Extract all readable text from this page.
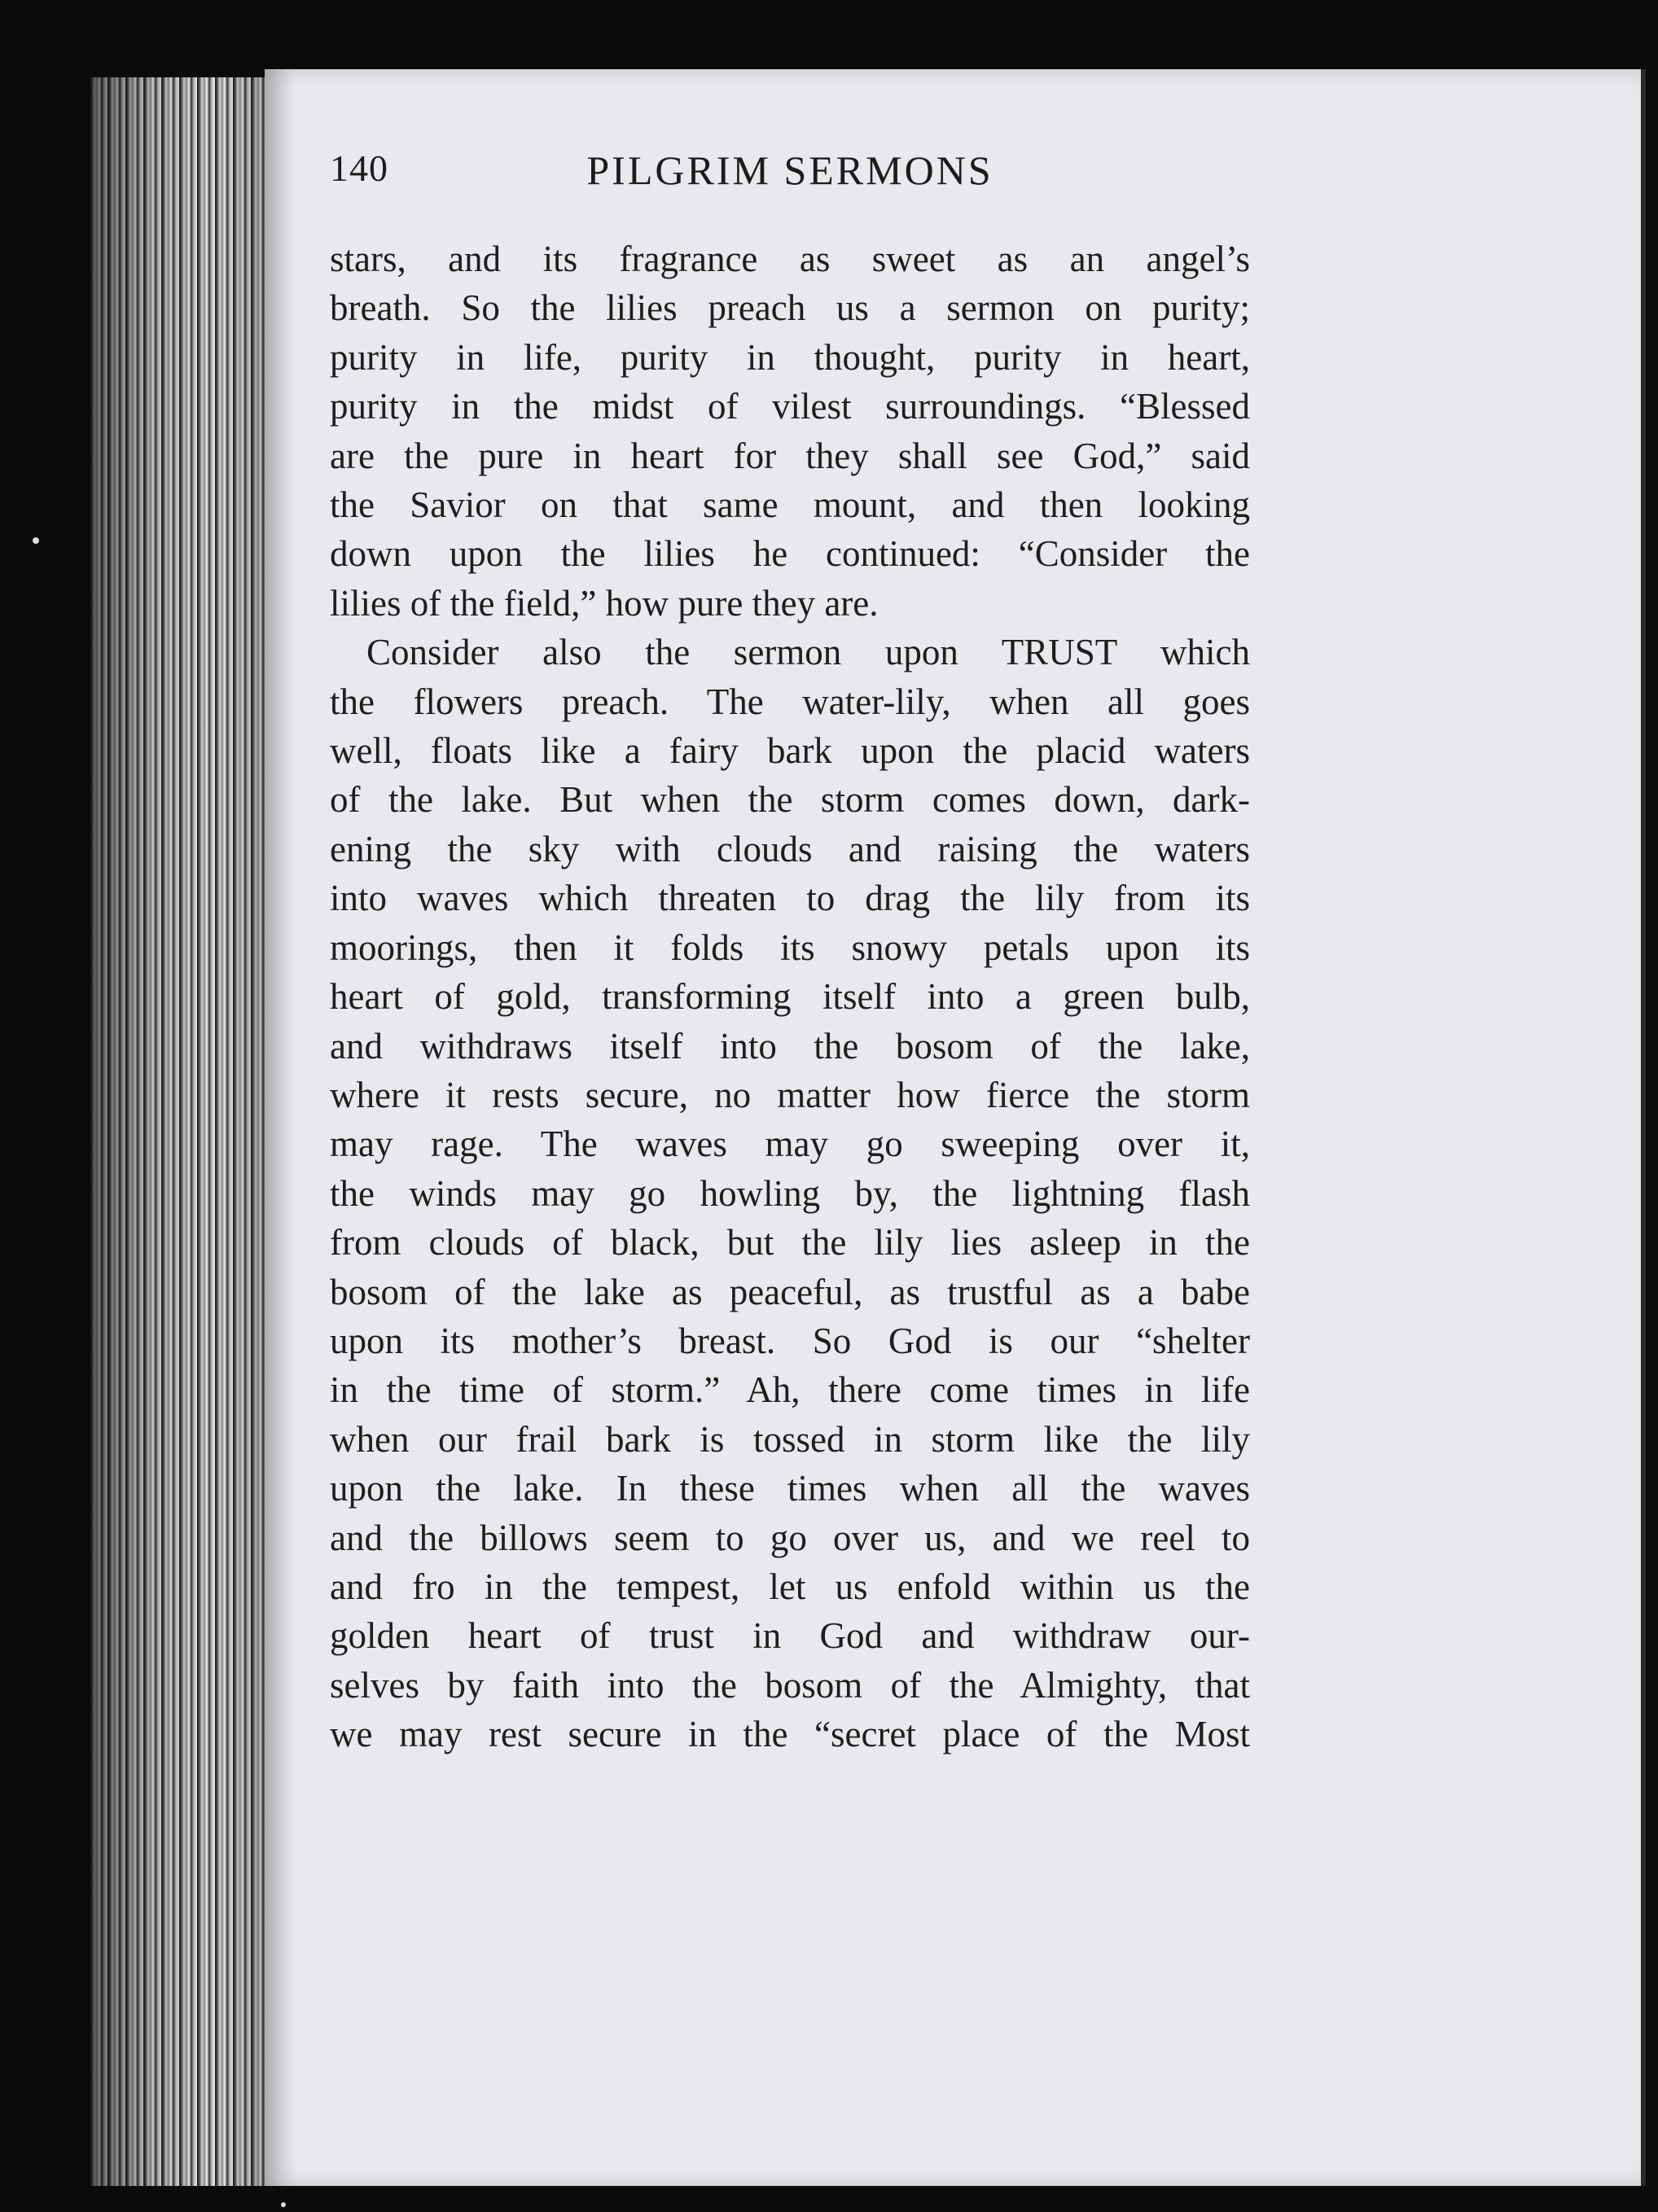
140	PILGRIM SERMONS

stars, and its fragrance as sweet as an angel’s
breath. So the lilies preach us a sermon on purity;
purity in life, purity in thought, purity in heart,
purity in the midst of vilest surroundings. “Blessed
are the pure in heart for they shall see God,” said
the Savior on that same mount, and then looking
down upon the lilies he continued: “Consider the
lilies of the field,” how pure they are.

Consider also the sermon upon TRUST which
the flowers preach. The water-lily, when all goes
well, floats like a fairy bark upon the placid waters
of the lake. But when the storm comes down, dark-
ening the sky with clouds and raising the waters
into waves which threaten to drag the lily from its
moorings, then it folds its snowy petals upon its
heart of gold, transforming itself into a green bulb,
and withdraws itself into the bosom of the lake,
where it rests secure, no matter how fierce the storm
may rage. The waves may go sweeping over it,
the winds may go howling by, the lightning flash
from clouds of black, but the lily lies asleep in the
bosom of the lake as peaceful, as trustful as a babe
upon its mother’s breast. So God is our “shelter
in the time of storm.” Ah, there come times in life
when our frail bark is tossed in storm like the lily
upon the lake. In these times when all the waves
and the billows seem to go over us, and we reel to
and fro in the tempest, let us enfold within us the
golden heart of trust in God and withdraw our-
selves by faith into the bosom of the Almighty, that
we may rest secure in the “secret place of the Most
